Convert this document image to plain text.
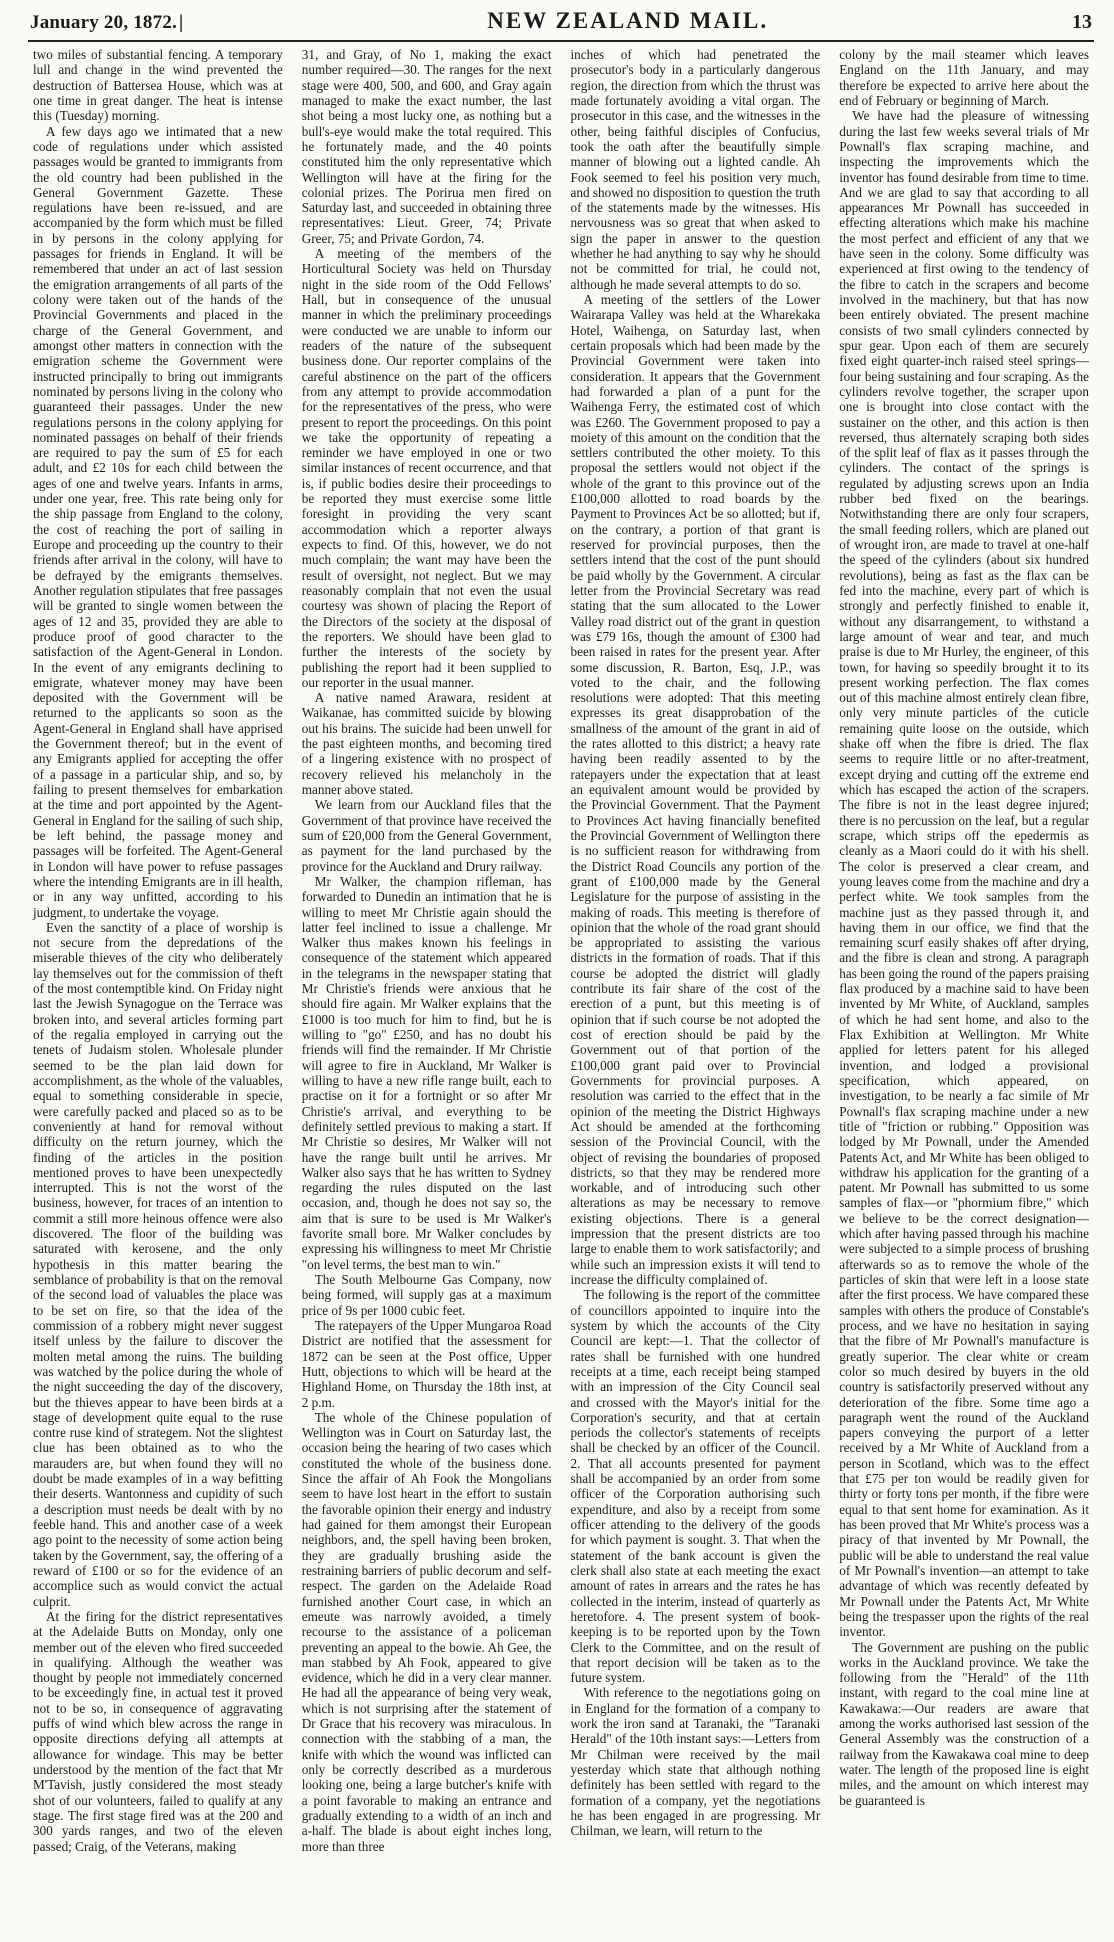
January 20, 1872. |	NEW ZEALAND MAIL.	13

two miles of substantial fencing. A temporary lull and change in the wind prevented the destruction of Battersea House, which was at one time in great danger. The heat is intense this (Tuesday) morning.

A few days ago we intimated that a new code of regulations under which assisted passages would be granted to immigrants from the old country had been published in the General Government Gazette. These regulations have been re-issued, and are accompanied by the form which must be filled in by persons in the colony applying for passages for friends in England. It will be remembered that under an act of last session the emigration arrangements of all parts of the colony were taken out of the hands of the Provincial Governments and placed in the charge of the General Government, and amongst other matters in connection with the emigration scheme the Government were instructed principally to bring out immigrants nominated by persons living in the colony who guaranteed their passages. Under the new regulations persons in the colony applying for nominated passages on behalf of their friends are required to pay the sum of £5 for each adult, and £2 10s for each child between the ages of one and twelve years. Infants in arms, under one year, free. This rate being only for the ship passage from England to the colony, the cost of reaching the port of sailing in Europe and proceeding up the country to their friends after arrival in the colony, will have to be defrayed by the emigrants themselves. Another regulation stipulates that free passages will be granted to single women between the ages of 12 and 35, provided they are able to produce proof of good character to the satisfaction of the Agent-General in London. In the event of any emigrants declining to emigrate, whatever money may have been deposited with the Government will be returned to the applicants so soon as the Agent-General in England shall have apprised the Government thereof; but in the event of any Emigrants applied for accepting the offer of a passage in a particular ship, and so, by failing to present themselves for embarkation at the time and port appointed by the Agent-General in England for the sailing of such ship, be left behind, the passage money and passages will be forfeited. The Agent-General in London will have power to refuse passages where the intending Emigrants are in ill health, or in any way unfitted, according to his judgment, to undertake the voyage.

Even the sanctity of a place of worship is not secure from the depredations of the miserable thieves of the city who deliberately lay themselves out for the commission of theft of the most contemptible kind. On Friday night last the Jewish Synagogue on the Terrace was broken into, and several articles forming part of the regalia employed in carrying out the tenets of Judaism stolen. Wholesale plunder seemed to be the plan laid down for accomplishment, as the whole of the valuables, equal to something considerable in specie, were carefully packed and placed so as to be conveniently at hand for removal without difficulty on the return journey, which the finding of the articles in the position mentioned proves to have been unexpectedly interrupted. This is not the worst of the business, however, for traces of an intention to commit a still more heinous offence were also discovered. The floor of the building was saturated with kerosene, and the only hypothesis in this matter bearing the semblance of probability is that on the removal of the second load of valuables the place was to be set on fire, so that the idea of the commission of a robbery might never suggest itself unless by the failure to discover the molten metal among the ruins. The building was watched by the police during the whole of the night succeeding the day of the discovery, but the thieves appear to have been birds at a stage of development quite equal to the ruse contre ruse kind of strategem. Not the slightest clue has been obtained as to who the marauders are, but when found they will no doubt be made examples of in a way befitting their deserts. Wantonness and cupidity of such a description must needs be dealt with by no feeble hand. This and another case of a week ago point to the necessity of some action being taken by the Government, say, the offering of a reward of £100 or so for the evidence of an accomplice such as would convict the actual culprit.

At the firing for the district representatives at the Adelaide Butts on Monday, only one member out of the eleven who fired succeeded in qualifying. Although the weather was thought by people not immediately concerned to be exceedingly fine, in actual test it proved not to be so, in consequence of aggravating puffs of wind which blew across the range in opposite directions defying all attempts at allowance for windage. This may be better understood by the mention of the fact that Mr M'Tavish, justly considered the most steady shot of our volunteers, failed to qualify at any stage. The first stage fired was at the 200 and 300 yards ranges, and two of the eleven passed; Craig, of the Veterans, making

31, and Gray, of No 1, making the exact number required—30. The ranges for the next stage were 400, 500, and 600, and Gray again managed to make the exact number, the last shot being a most lucky one, as nothing but a bull's-eye would make the total required. This he fortunately made, and the 40 points constituted him the only representative which Wellington will have at the firing for the colonial prizes. The Porirua men fired on Saturday last, and succeeded in obtaining three representatives: Lieut. Greer, 74; Private Greer, 75; and Private Gordon, 74.

A meeting of the members of the Horticultural Society was held on Thursday night in the side room of the Odd Fellows' Hall, but in consequence of the unusual manner in which the preliminary proceedings were conducted we are unable to inform our readers of the nature of the subsequent business done. Our reporter complains of the careful abstinence on the part of the officers from any attempt to provide accommodation for the representatives of the press, who were present to report the proceedings. On this point we take the opportunity of repeating a reminder we have employed in one or two similar instances of recent occurrence, and that is, if public bodies desire their proceedings to be reported they must exercise some little foresight in providing the very scant accommodation which a reporter always expects to find. Of this, however, we do not much complain; the want may have been the result of oversight, not neglect. But we may reasonably complain that not even the usual courtesy was shown of placing the Report of the Directors of the society at the disposal of the reporters. We should have been glad to further the interests of the society by publishing the report had it been supplied to our reporter in the usual manner.

A native named Arawara, resident at Waikanae, has committed suicide by blowing out his brains. The suicide had been unwell for the past eighteen months, and becoming tired of a lingering existence with no prospect of recovery relieved his melancholy in the manner above stated.

We learn from our Auckland files that the Government of that province have received the sum of £20,000 from the General Government, as payment for the land purchased by the province for the Auckland and Drury railway.

Mr Walker, the champion rifleman, has forwarded to Dunedin an intimation that he is willing to meet Mr Christie again should the latter feel inclined to issue a challenge. Mr Walker thus makes known his feelings in consequence of the statement which appeared in the telegrams in the newspaper stating that Mr Christie's friends were anxious that he should fire again. Mr Walker explains that the £1000 is too much for him to find, but he is willing to "go" £250, and has no doubt his friends will find the remainder. If Mr Christie will agree to fire in Auckland, Mr Walker is willing to have a new rifle range built, each to practise on it for a fortnight or so after Mr Christie's arrival, and everything to be definitely settled previous to making a start. If Mr Christie so desires, Mr Walker will not have the range built until he arrives. Mr Walker also says that he has written to Sydney regarding the rules disputed on the last occasion, and, though he does not say so, the aim that is sure to be used is Mr Walker's favorite small bore. Mr Walker concludes by expressing his willingness to meet Mr Christie "on level terms, the best man to win."

The South Melbourne Gas Company, now being formed, will supply gas at a maximum price of 9s per 1000 cubic feet.

The ratepayers of the Upper Mungaroa Road District are notified that the assessment for 1872 can be seen at the Post office, Upper Hutt, objections to which will be heard at the Highland Home, on Thursday the 18th inst, at 2 p.m.

The whole of the Chinese population of Wellington was in Court on Saturday last, the occasion being the hearing of two cases which constituted the whole of the business done. Since the affair of Ah Fook the Mongolians seem to have lost heart in the effort to sustain the favorable opinion their energy and industry had gained for them amongst their European neighbors, and, the spell having been broken, they are gradually brushing aside the restraining barriers of public decorum and self-respect. The garden on the Adelaide Road furnished another Court case, in which an emeute was narrowly avoided, a timely recourse to the assistance of a policeman preventing an appeal to the bowie. Ah Gee, the man stabbed by Ah Fook, appeared to give evidence, which he did in a very clear manner. He had all the appearance of being very weak, which is not surprising after the statement of Dr Grace that his recovery was miraculous. In connection with the stabbing of a man, the knife with which the wound was inflicted can only be correctly described as a murderous looking one, being a large butcher's knife with a point favorable to making an entrance and gradually extending to a width of an inch and a-half. The blade is about eight inches long, more than three

inches of which had penetrated the prosecutor's body in a particularly dangerous region, the direction from which the thrust was made fortunately avoiding a vital organ. The prosecutor in this case, and the witnesses in the other, being faithful disciples of Confucius, took the oath after the beautifully simple manner of blowing out a lighted candle. Ah Fook seemed to feel his position very much, and showed no disposition to question the truth of the statements made by the witnesses. His nervousness was so great that when asked to sign the paper in answer to the question whether he had anything to say why he should not be committed for trial, he could not, although he made several attempts to do so.

A meeting of the settlers of the Lower Wairarapa Valley was held at the Wharekaka Hotel, Waihenga, on Saturday last, when certain proposals which had been made by the Provincial Government were taken into consideration. It appears that the Government had forwarded a plan of a punt for the Waihenga Ferry, the estimated cost of which was £260. The Government proposed to pay a moiety of this amount on the condition that the settlers contributed the other moiety. To this proposal the settlers would not object if the whole of the grant to this province out of the £100,000 allotted to road boards by the Payment to Provinces Act be so allotted; but if, on the contrary, a portion of that grant is reserved for provincial purposes, then the settlers intend that the cost of the punt should be paid wholly by the Government. A circular letter from the Provincial Secretary was read stating that the sum allocated to the Lower Valley road district out of the grant in question was £79 16s, though the amount of £300 had been raised in rates for the present year. After some discussion, R. Barton, Esq, J.P., was voted to the chair, and the following resolutions were adopted: That this meeting expresses its great disapprobation of the smallness of the amount of the grant in aid of the rates allotted to this district; a heavy rate having been readily assented to by the ratepayers under the expectation that at least an equivalent amount would be provided by the Provincial Government. That the Payment to Provinces Act having financially benefited the Provincial Government of Wellington there is no sufficient reason for withdrawing from the District Road Councils any portion of the grant of £100,000 made by the General Legislature for the purpose of assisting in the making of roads. This meeting is therefore of opinion that the whole of the road grant should be appropriated to assisting the various districts in the formation of roads. That if this course be adopted the district will gladly contribute its fair share of the cost of the erection of a punt, but this meeting is of opinion that if such course be not adopted the cost of erection should be paid by the Government out of that portion of the £100,000 grant paid over to Provincial Governments for provincial purposes. A resolution was carried to the effect that in the opinion of the meeting the District Highways Act should be amended at the forthcoming session of the Provincial Council, with the object of revising the boundaries of proposed districts, so that they may be rendered more workable, and of introducing such other alterations as may be necessary to remove existing objections. There is a general impression that the present districts are too large to enable them to work satisfactorily; and while such an impression exists it will tend to increase the difficulty complained of.

The following is the report of the committee of councillors appointed to inquire into the system by which the accounts of the City Council are kept:—1. That the collector of rates shall be furnished with one hundred receipts at a time, each receipt being stamped with an impression of the City Council seal and crossed with the Mayor's initial for the Corporation's security, and that at certain periods the collector's statements of receipts shall be checked by an officer of the Council. 2. That all accounts presented for payment shall be accompanied by an order from some officer of the Corporation authorising such expenditure, and also by a receipt from some officer attending to the delivery of the goods for which payment is sought. 3. That when the statement of the bank account is given the clerk shall also state at each meeting the exact amount of rates in arrears and the rates he has collected in the interim, instead of quarterly as heretofore. 4. The present system of book-keeping is to be reported upon by the Town Clerk to the Committee, and on the result of that report decision will be taken as to the future system.

With reference to the negotiations going on in England for the formation of a company to work the iron sand at Taranaki, the "Taranaki Herald" of the 10th instant says:—Letters from Mr Chilman were received by the mail yesterday which state that although nothing definitely has been settled with regard to the formation of a company, yet the negotiations he has been engaged in are progressing. Mr Chilman, we learn, will return to the

colony by the mail steamer which leaves England on the 11th January, and may therefore be expected to arrive here about the end of February or beginning of March.

We have had the pleasure of witnessing during the last few weeks several trials of Mr Pownall's flax scraping machine, and inspecting the improvements which the inventor has found desirable from time to time. And we are glad to say that according to all appearances Mr Pownall has succeeded in effecting alterations which make his machine the most perfect and efficient of any that we have seen in the colony. Some difficulty was experienced at first owing to the tendency of the fibre to catch in the scrapers and become involved in the machinery, but that has now been entirely obviated. The present machine consists of two small cylinders connected by spur gear. Upon each of them are securely fixed eight quarter-inch raised steel springs—four being sustaining and four scraping. As the cylinders revolve together, the scraper upon one is brought into close contact with the sustainer on the other, and this action is then reversed, thus alternately scraping both sides of the split leaf of flax as it passes through the cylinders. The contact of the springs is regulated by adjusting screws upon an India rubber bed fixed on the bearings. Notwithstanding there are only four scrapers, the small feeding rollers, which are planed out of wrought iron, are made to travel at one-half the speed of the cylinders (about six hundred revolutions), being as fast as the flax can be fed into the machine, every part of which is strongly and perfectly finished to enable it, without any disarrangement, to withstand a large amount of wear and tear, and much praise is due to Mr Hurley, the engineer, of this town, for having so speedily brought it to its present working perfection. The flax comes out of this machine almost entirely clean fibre, only very minute particles of the cuticle remaining quite loose on the outside, which shake off when the fibre is dried. The flax seems to require little or no after-treatment, except drying and cutting off the extreme end which has escaped the action of the scrapers. The fibre is not in the least degree injured; there is no percussion on the leaf, but a regular scrape, which strips off the epedermis as cleanly as a Maori could do it with his shell. The color is preserved a clear cream, and young leaves come from the machine and dry a perfect white. We took samples from the machine just as they passed through it, and having them in our office, we find that the remaining scurf easily shakes off after drying, and the fibre is clean and strong. A paragraph has been going the round of the papers praising flax produced by a machine said to have been invented by Mr White, of Auckland, samples of which he had sent home, and also to the Flax Exhibition at Wellington. Mr White applied for letters patent for his alleged invention, and lodged a provisional specification, which appeared, on investigation, to be nearly a fac simile of Mr Pownall's flax scraping machine under a new title of "friction or rubbing." Opposition was lodged by Mr Pownall, under the Amended Patents Act, and Mr White has been obliged to withdraw his application for the granting of a patent. Mr Pownall has submitted to us some samples of flax—or "phormium fibre," which we believe to be the correct designation—which after having passed through his machine were subjected to a simple process of brushing afterwards so as to remove the whole of the particles of skin that were left in a loose state after the first process. We have compared these samples with others the produce of Constable's process, and we have no hesitation in saying that the fibre of Mr Pownall's manufacture is greatly superior. The clear white or cream color so much desired by buyers in the old country is satisfactorily preserved without any deterioration of the fibre. Some time ago a paragraph went the round of the Auckland papers conveying the purport of a letter received by a Mr White of Auckland from a person in Scotland, which was to the effect that £75 per ton would be readily given for thirty or forty tons per month, if the fibre were equal to that sent home for examination. As it has been proved that Mr White's process was a piracy of that invented by Mr Pownall, the public will be able to understand the real value of Mr Pownall's invention—an attempt to take advantage of which was recently defeated by Mr Pownall under the Patents Act, Mr White being the trespasser upon the rights of the real inventor.

The Government are pushing on the public works in the Auckland province. We take the following from the "Herald" of the 11th instant, with regard to the coal mine line at Kawakawa:—Our readers are aware that among the works authorised last session of the General Assembly was the construction of a railway from the Kawakawa coal mine to deep water. The length of the proposed line is eight miles, and the amount on which interest may be guaranteed is
